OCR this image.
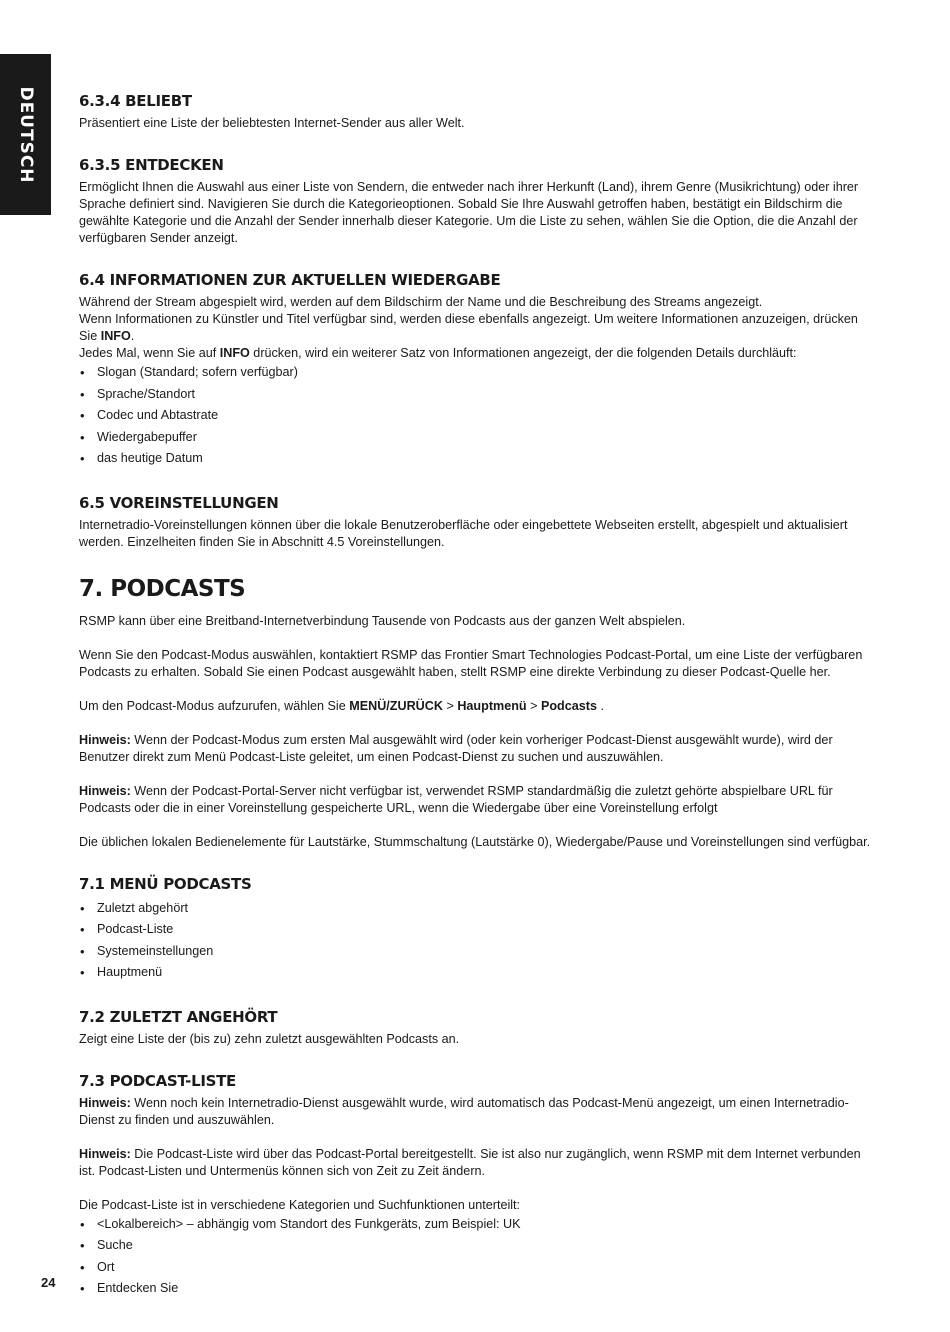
DEUTSCH	6.3.4 BELIEBT

Präsentiert eine Liste der beliebtesten Internet-Sender aus aller Welt.

6.3.5 ENTDECKEN

Ermöglicht Ihnen die Auswahl aus einer Liste von Sendern, die entweder nach ihrer Herkunft (Land), ihrem Genre (Musikrichtung) oder ihrer Sprache definiert sind. Navigieren Sie durch die Kategorieoptionen. Sobald Sie Ihre Auswahl getroffen haben, bestätigt ein Bildschirm die gewählte Kategorie und die Anzahl der Sender innerhalb dieser Kategorie. Um die Liste zu sehen, wählen Sie die Option, die die Anzahl der verfügbaren Sender anzeigt.

6.4 INFORMATIONEN ZUR AKTUELLEN WIEDERGABE

Während der Stream abgespielt wird, werden auf dem Bildschirm der Name und die Beschreibung des Streams angezeigt.

Wenn Informationen zu Künstler und Titel verfügbar sind, werden diese ebenfalls angezeigt. Um weitere Informationen anzuzeigen, drücken Sie INFO.

Jedes Mal, wenn Sie auf INFO drücken, wird ein weiterer Satz von Informationen angezeigt, der die folgenden Details durchläuft:

• Slogan (Standard; sofern verfügbar)
• Sprache/Standort
• Codec und Abtastrate
• Wiedergabepuffer
• das heutige Datum
6.5 VOREINSTELLUNGEN

Internetradio-Voreinstellungen können über die lokale Benutzeroberfläche oder eingebettete Webseiten erstellt, abgespielt und aktualisiert werden. Einzelheiten finden Sie in Abschnitt 4.5 Voreinstellungen.

7. PODCASTS

RSMP kann über eine Breitband-Internetverbindung Tausende von Podcasts aus der ganzen Welt abspielen.

Wenn Sie den Podcast-Modus auswählen, kontaktiert RSMP das Frontier Smart Technologies Podcast-Portal, um eine Liste der verfügbaren Podcasts zu erhalten. Sobald Sie einen Podcast ausgewählt haben, stellt RSMP eine direkte Verbindung zu dieser Podcast-Quelle her.

Um den Podcast-Modus aufzurufen, wählen Sie MENÜ/ZURÜCK > Hauptmenü > Podcasts .

Hinweis: Wenn der Podcast-Modus zum ersten Mal ausgewählt wird (oder kein vorheriger Podcast-Dienst ausgewählt wurde), wird der Benutzer direkt zum Menü Podcast-Liste geleitet, um einen Podcast-Dienst zu suchen und auszuwählen.

Hinweis: Wenn der Podcast-Portal-Server nicht verfügbar ist, verwendet RSMP standardmäßig die zuletzt gehörte abspielbare URL für Podcasts oder die in einer Voreinstellung gespeicherte URL, wenn die Wiedergabe über eine Voreinstellung erfolgt

Die üblichen lokalen Bedienelemente für Lautstärke, Stummschaltung (Lautstärke 0), Wiedergabe/Pause und Voreinstellungen sind verfügbar.

7.1 MENÜ PODCASTS
• Zuletzt abgehört
• Podcast-Liste
• Systemeinstellungen
• Hauptmenü
7.2 ZULETZT ANGEHÖRT

Zeigt eine Liste der (bis zu) zehn zuletzt ausgewählten Podcasts an.

7.3 PODCAST-LISTE

Hinweis: Wenn noch kein Internetradio-Dienst ausgewählt wurde, wird automatisch das Podcast-Menü angezeigt, um einen Internetradio-Dienst zu finden und auszuwählen.

Hinweis: Die Podcast-Liste wird über das Podcast-Portal bereitgestellt. Sie ist also nur zugänglich, wenn RSMP mit dem Internet verbunden ist. Podcast-Listen und Untermenüs können sich von Zeit zu Zeit ändern.

Die Podcast-Liste ist in verschiedene Kategorien und Suchfunktionen unterteilt:

• <Lokalbereich> – abhängig vom Standort des Funkgeräts, zum Beispiel: UK
• Suche
• Ort
• Entdecken Sie
24
